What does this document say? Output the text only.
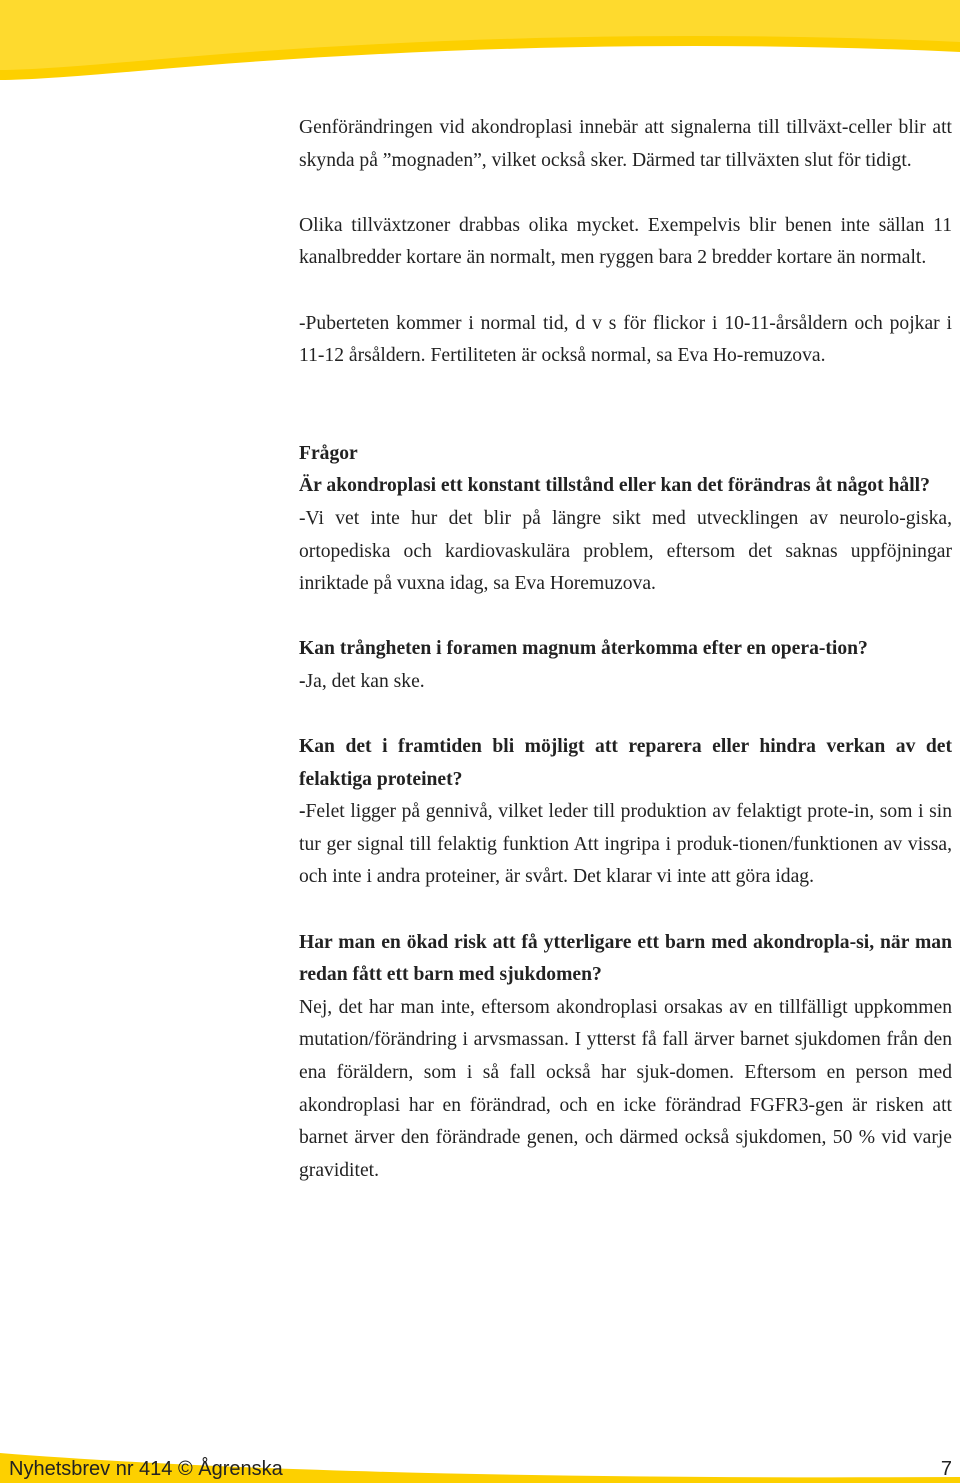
Genförändringen vid akondroplasi innebär att signalerna till tillväxt-celler blir att skynda på ”mognaden”, vilket också sker. Därmed tar tillväxten slut för tidigt.

Olika tillväxtzoner drabbas olika mycket. Exempelvis blir benen inte sällan 11 kanalbredder kortare än normalt, men ryggen bara 2 bredder kortare än normalt.

-Puberteten kommer i normal tid, d v s för flickor i 10-11-årsåldern och pojkar i 11-12 årsåldern. Fertiliteten är också normal, sa Eva Ho-remuzova.

Frågor

Är akondroplasi ett konstant tillstånd eller kan det förändras åt något håll?

-Vi vet inte hur det blir på längre sikt med utvecklingen av neurolo-giska, ortopediska och kardiovaskulära problem, eftersom det saknas uppföjningar inriktade på vuxna idag, sa Eva Horemuzova.

Kan trångheten i foramen magnum återkomma efter en opera-tion?

-Ja, det kan ske.

Kan det i framtiden bli möjligt att reparera eller hindra verkan av det felaktiga proteinet?

-Felet ligger på gennivå, vilket leder till produktion av felaktigt prote-in, som i sin tur ger signal till felaktig funktion Att ingripa i produk-tionen/funktionen av vissa, och inte i andra proteiner, är svårt. Det klarar vi inte att göra idag.

Har man en ökad risk att få ytterligare ett barn med akondropla-si, när man redan fått ett barn med sjukdomen?

Nej, det har man inte, eftersom akondroplasi orsakas av en tillfälligt uppkommen mutation/förändring i arvsmassan. I ytterst få fall ärver barnet sjukdomen från den ena föräldern, som i så fall också har sjuk-domen. Eftersom en person med akondroplasi har en förändrad, och en icke förändrad FGFR3-gen är risken att barnet ärver den förändrade genen, och därmed också sjukdomen, 50 % vid varje graviditet.

Nyhetsbrev nr 414 © Ågrenska	7
